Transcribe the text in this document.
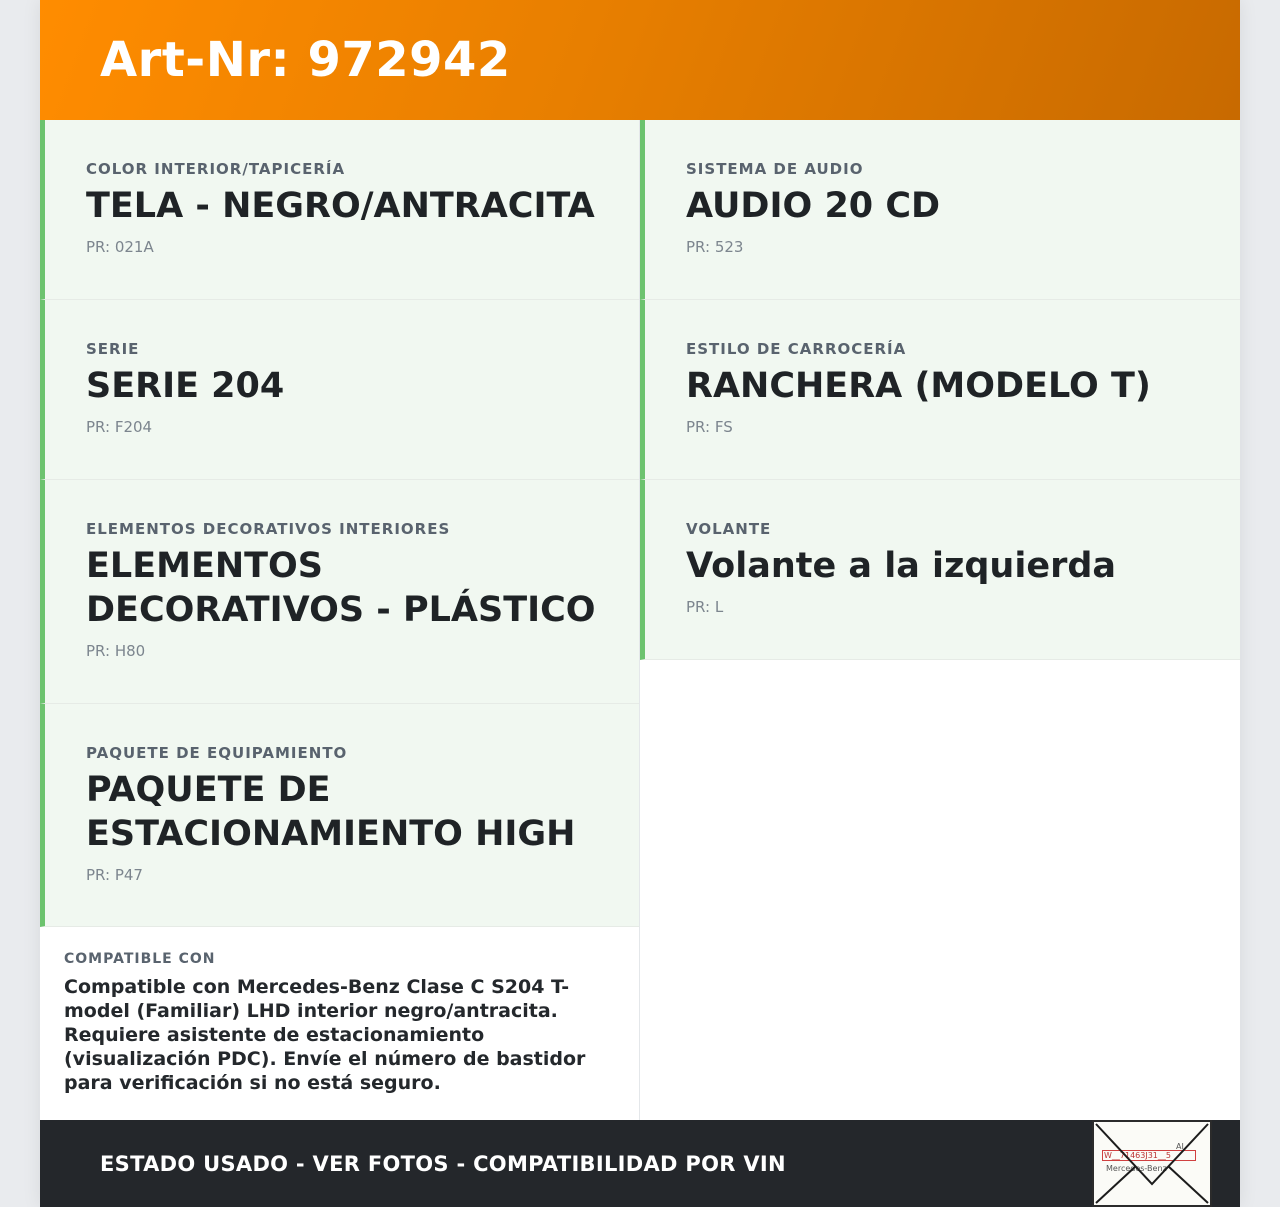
Art-Nr: 972942
COLOR INTERIOR/TAPICERÍA
TELA - NEGRO/ANTRACITA
PR: 021A
SERIE
SERIE 204
PR: F204
ELEMENTOS DECORATIVOS INTERIORES
ELEMENTOS DECORATIVOS - PLÁSTICO
PR: H80
PAQUETE DE EQUIPAMIENTO
PAQUETE DE ESTACIONAMIENTO HIGH
PR: P47
COMPATIBLE CON
Compatible con Mercedes-Benz Clase C S204 T-model (Familiar) LHD interior negro/antracita. Requiere asistente de estacionamiento (visualización PDC). Envíe el número de bastidor para verificación si no está seguro.
SISTEMA DE AUDIO
AUDIO 20 CD
PR: 523
ESTILO DE CARROCERÍA
RANCHERA (MODELO T)
PR: FS
VOLANTE
Volante a la izquierda
PR: L
ESTADO USADO - VER FOTOS - COMPATIBILIDAD POR VIN	W__71463J31__5
Mercedes-Benz
AI
